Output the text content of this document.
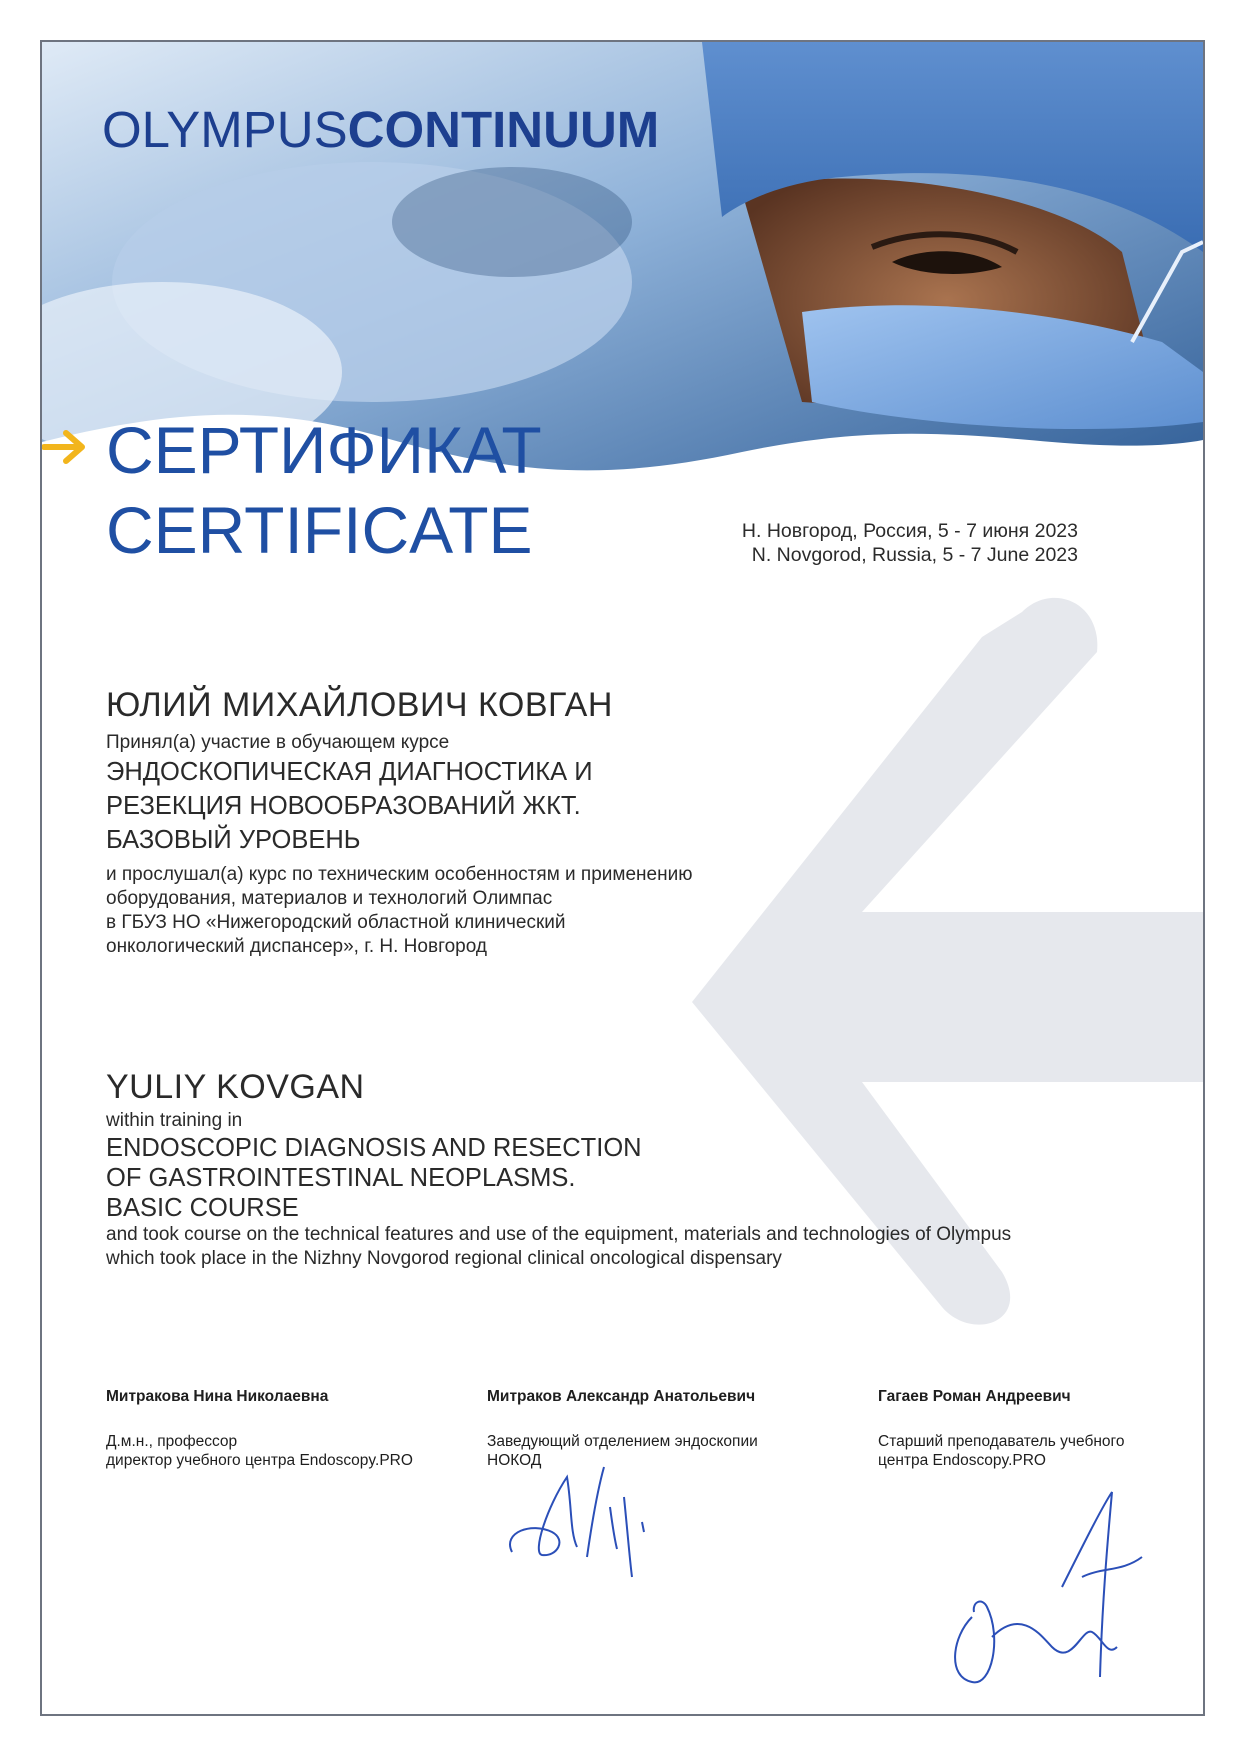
OLYMPUSCONTINUUM
СЕРТИФИКАТ
CERTIFICATE	Н. Новгород, Россия, 5 - 7 июня 2023
N. Novgorod, Russia, 5 - 7 June 2023
ЮЛИЙ МИХАЙЛОВИЧ КОВГАН
Принял(а) участие в обучающем курсе
ЭНДОСКОПИЧЕСКАЯ ДИАГНОСТИКА И
РЕЗЕКЦИЯ НОВООБРАЗОВАНИЙ ЖКТ.
БАЗОВЫЙ УРОВЕНЬ
и прослушал(а) курс по техническим особенностям и применению
оборудования, материалов и технологий Олимпас
в ГБУЗ НО «Нижегородский областной клинический
онкологический диспансер», г. Н. Новгород
YULIY KOVGAN
within training in
ENDOSCOPIC DIAGNOSIS AND RESECTION
OF GASTROINTESTINAL NEOPLASMS.
BASIC COURSE
and took course on the technical features and use of the equipment, materials and technologies of Olympus
which took place in the Nizhny Novgorod regional clinical oncological dispensary
Митракова Нина Николаевна
Д.м.н., профессор
директор учебного центра Endoscopy.PRO
Митраков Александр Анатольевич
Заведующий отделением эндоскопии
НОКОД
Гагаев Роман Андреевич
Старший преподаватель учебного
центра Endoscopy.PRO
